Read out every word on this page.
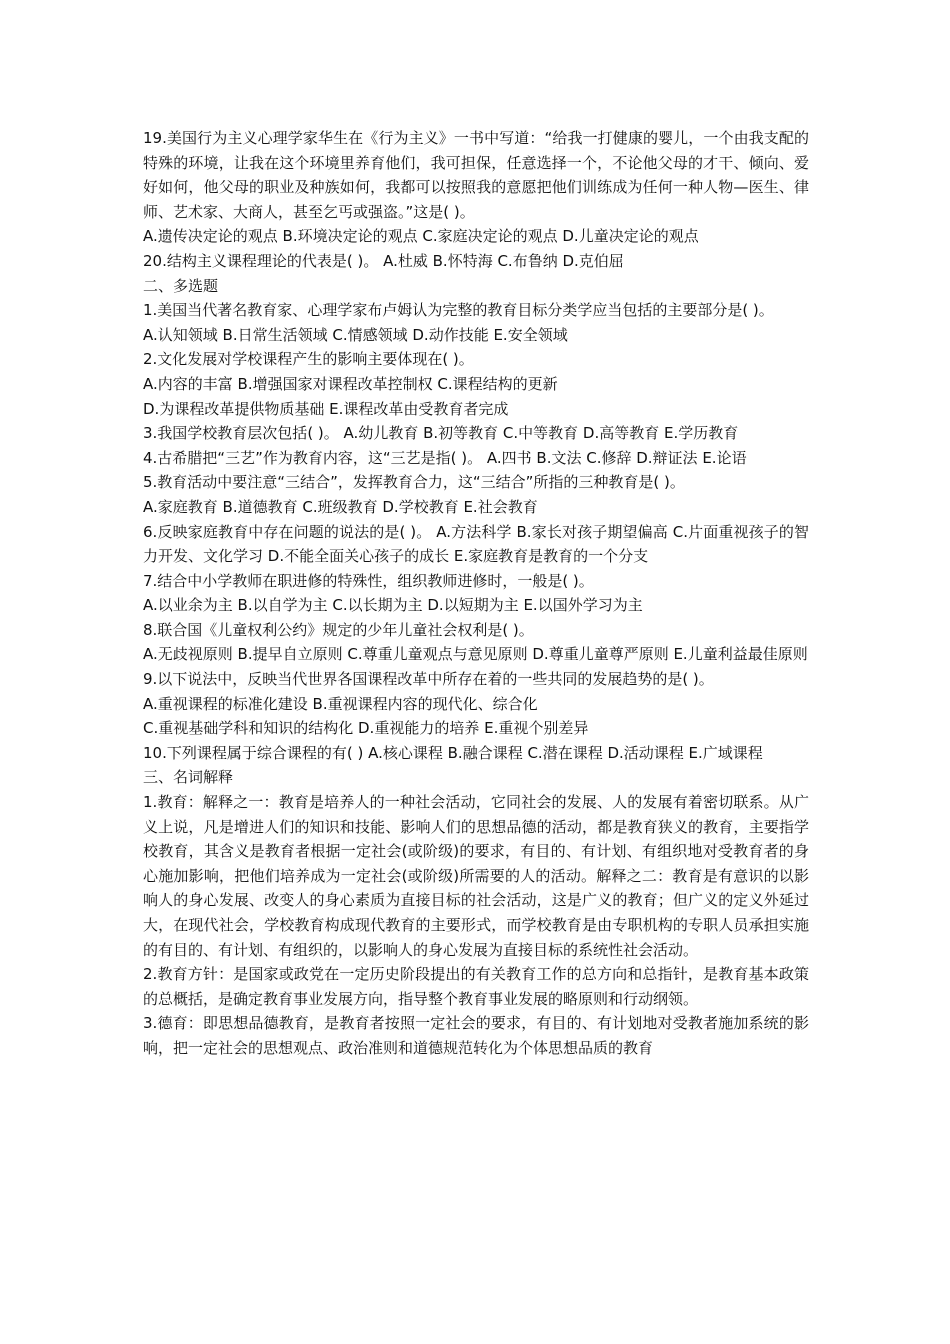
19.美国行为主义心理学家华生在《行为主义》一书中写道：“给我一打健康的婴儿，一个由我支配的特殊的环境，让我在这个环境里养育他们，我可担保，任意选择一个，不论他父母的才干、倾向、爱好如何，他父母的职业及种族如何，我都可以按照我的意愿把他们训练成为任何一种人物—医生、律师、艺术家、大商人，甚至乞丐或强盗。”这是( )。

A.遗传决定论的观点 B.环境决定论的观点 C.家庭决定论的观点 D.儿童决定论的观点

20.结构主义课程理论的代表是( )。 A.杜威 B.怀特海 C.布鲁纳 D.克伯屈

二、多选题

1.美国当代著名教育家、心理学家布卢姆认为完整的教育目标分类学应当包括的主要部分是( )。

A.认知领域 B.日常生活领域 C.情感领域 D.动作技能 E.安全领域

2.文化发展对学校课程产生的影响主要体现在( )。

A.内容的丰富 B.增强国家对课程改革控制权 C.课程结构的更新

D.为课程改革提供物质基础 E.课程改革由受教育者完成

3.我国学校教育层次包括( )。 A.幼儿教育 B.初等教育 C.中等教育 D.高等教育 E.学历教育

4.古希腊把“三艺”作为教育内容，这“三艺是指( )。 A.四书 B.文法 C.修辞 D.辩证法 E.论语

5.教育活动中要注意“三结合”，发挥教育合力，这“三结合”所指的三种教育是( )。

A.家庭教育 B.道德教育 C.班级教育 D.学校教育 E.社会教育

6.反映家庭教育中存在问题的说法的是( )。 A.方法科学 B.家长对孩子期望偏高 C.片面重视孩子的智力开发、文化学习 D.不能全面关心孩子的成长 E.家庭教育是教育的一个分支

7.结合中小学教师在职进修的特殊性，组织教师进修时，一般是( )。

A.以业余为主 B.以自学为主 C.以长期为主 D.以短期为主 E.以国外学习为主

8.联合国《儿童权利公约》规定的少年儿童社会权利是( )。

A.无歧视原则 B.提早自立原则 C.尊重儿童观点与意见原则 D.尊重儿童尊严原则 E.儿童利益最佳原则

9.以下说法中，反映当代世界各国课程改革中所存在着的一些共同的发展趋势的是( )。

A.重视课程的标准化建设 B.重视课程内容的现代化、综合化

C.重视基础学科和知识的结构化 D.重视能力的培养 E.重视个别差异

10.下列课程属于综合课程的有( ) A.核心课程 B.融合课程 C.潜在课程 D.活动课程 E.广域课程

三、名词解释

1.教育：解释之一：教育是培养人的一种社会活动，它同社会的发展、人的发展有着密切联系。从广义上说，凡是增进人们的知识和技能、影响人们的思想品德的活动，都是教育狭义的教育，主要指学校教育，其含义是教育者根据一定社会(或阶级)的要求，有目的、有计划、有组织地对受教育者的身心施加影响，把他们培养成为一定社会(或阶级)所需要的人的活动。解释之二：教育是有意识的以影响人的身心发展、改变人的身心素质为直接目标的社会活动，这是广义的教育；但广义的定义外延过大，在现代社会，学校教育构成现代教育的主要形式，而学校教育是由专职机构的专职人员承担实施的有目的、有计划、有组织的，以影响人的身心发展为直接目标的系统性社会活动。

2.教育方针：是国家或政党在一定历史阶段提出的有关教育工作的总方向和总指针，是教育基本政策的总概括，是确定教育事业发展方向，指导整个教育事业发展的略原则和行动纲领。

3.德育：即思想品德教育，是教育者按照一定社会的要求，有目的、有计划地对受教者施加系统的影响，把一定社会的思想观点、政治准则和道德规范转化为个体思想品质的教育
